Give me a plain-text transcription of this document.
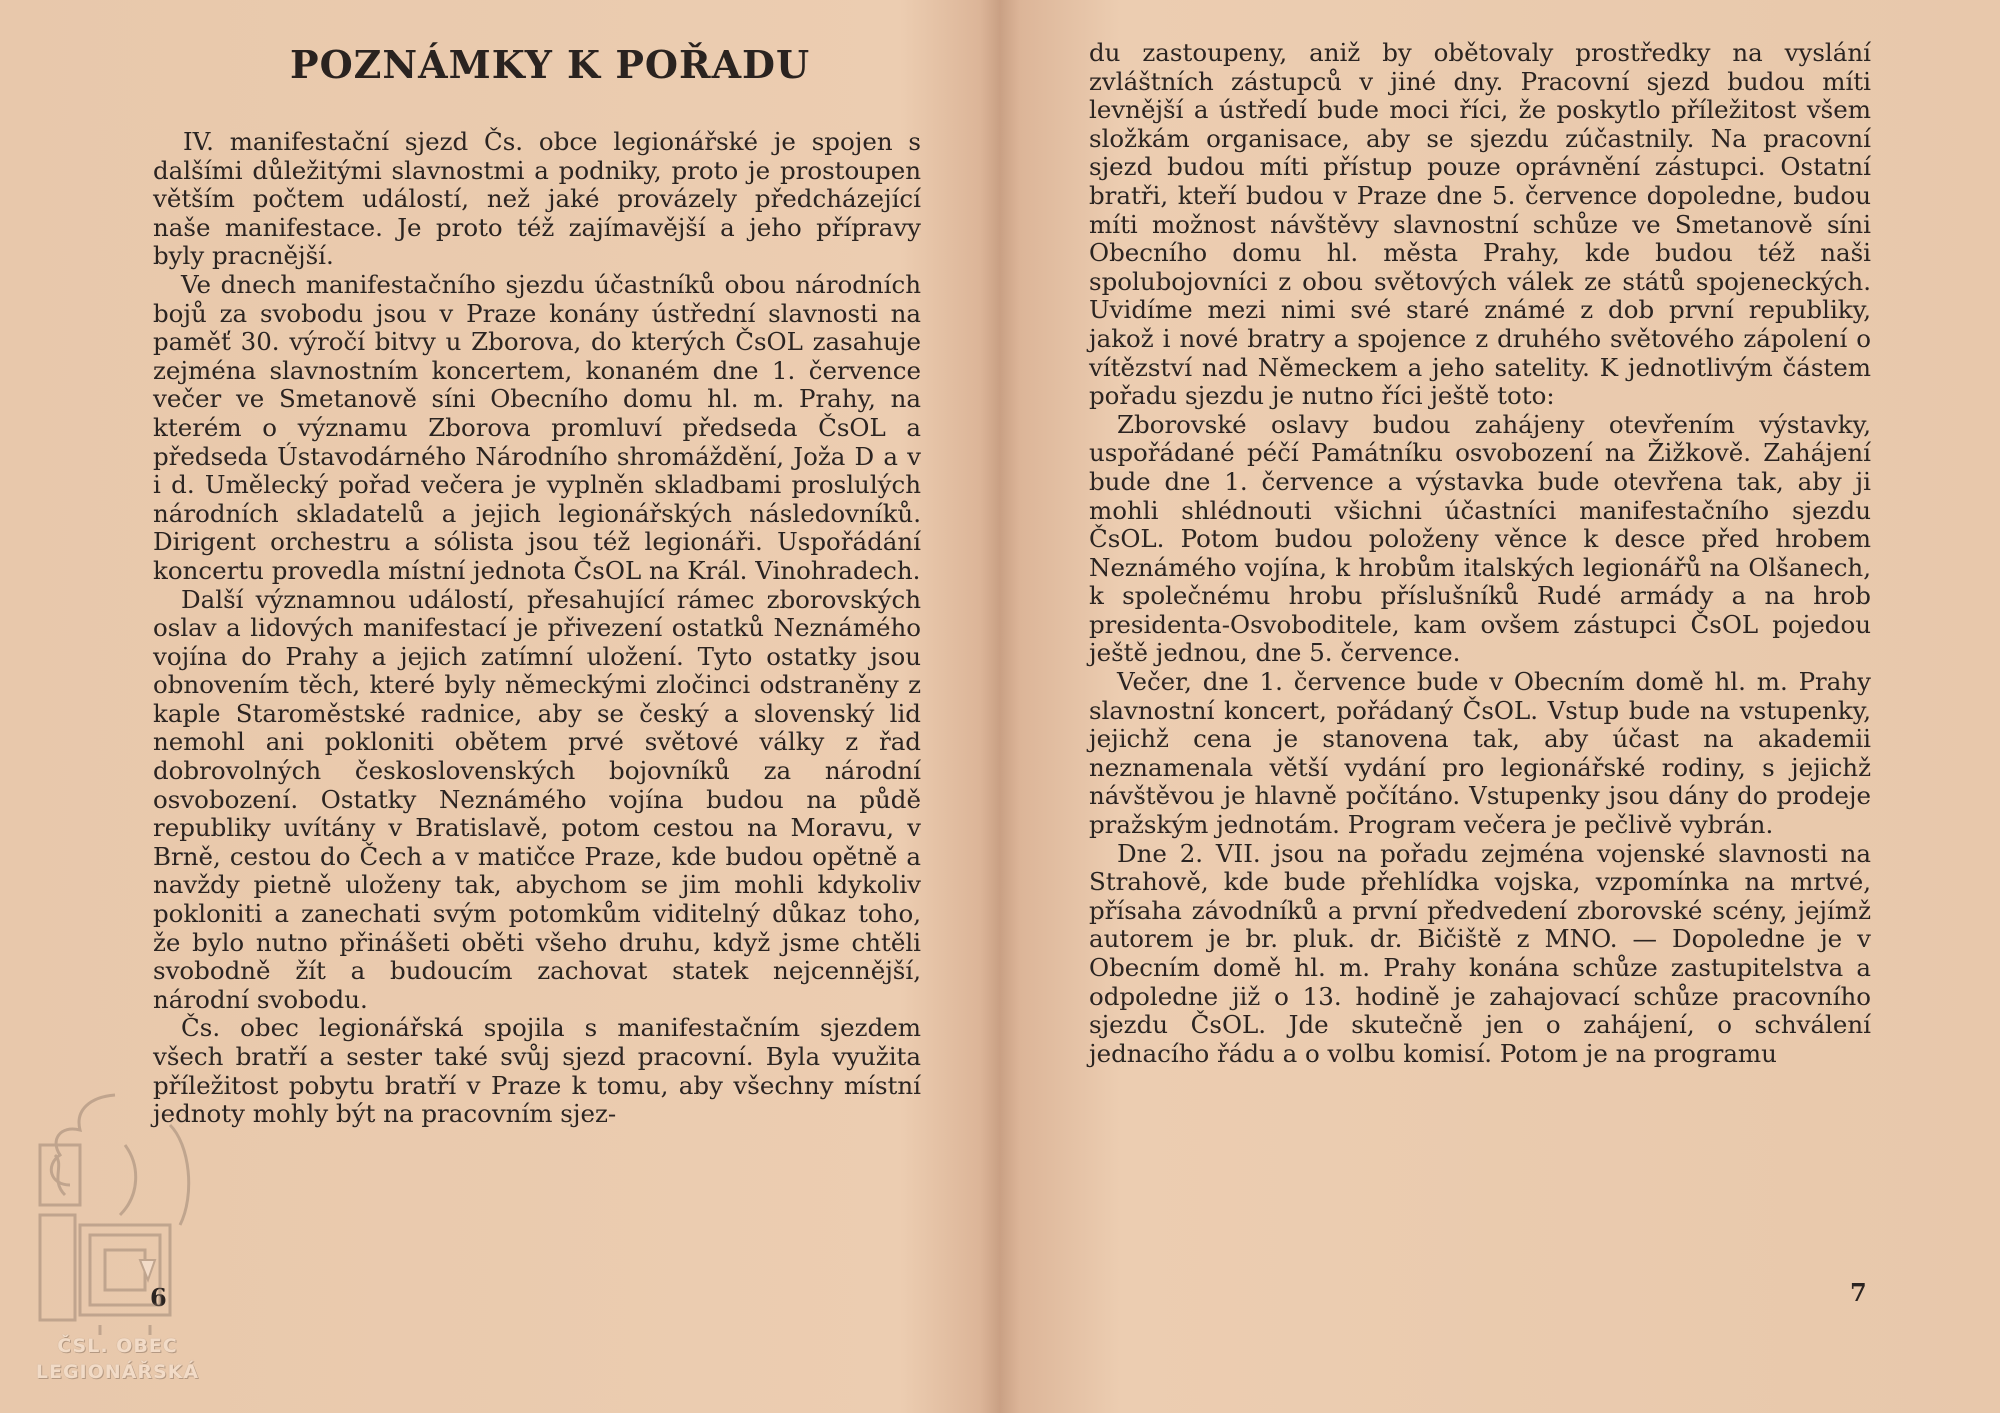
POZNÁMKY K POŘADU

IV. manifestační sjezd Čs. obce legionářské je spojen s dalšími důležitými slavnostmi a podniky, proto je prostoupen větším počtem událostí, než jaké provázely předcházející naše manifestace. Je proto též zajímavější a jeho přípravy byly pracnější.

Ve dnech manifestačního sjezdu účastníků obou národních bojů za svobodu jsou v Praze konány ústřední slavnosti na paměť 30. výročí bitvy u Zborova, do kterých ČsOL zasahuje zejména slavnostním koncertem, konaném dne 1. července večer ve Smetanově síni Obecního domu hl. m. Prahy, na kterém o významu Zborova promluví předseda ČsOL a předseda Ústavodárného Národního shromáždění, Joža D a v i d. Umělecký pořad večera je vyplněn skladbami proslulých národních skladatelů a jejich legionářských následovníků. Dirigent orchestru a sólista jsou též legionáři. Uspořádání koncertu provedla místní jednota ČsOL na Král. Vinohradech.

Další významnou událostí, přesahující rámec zborovských oslav a lidových manifestací je přivezení ostatků Neznámého vojína do Prahy a jejich zatímní uložení. Tyto ostatky jsou obnovením těch, které byly německými zločinci odstraněny z kaple Staroměstské radnice, aby se český a slovenský lid nemohl ani pokloniti obětem prvé světové války z řad dobrovolných československých bojovníků za národní osvobození. Ostatky Neznámého vojína budou na půdě republiky uvítány v Bratislavě, potom cestou na Moravu, v Brně, cestou do Čech a v matičce Praze, kde budou opětně a navždy pietně uloženy tak, abychom se jim mohli kdykoliv pokloniti a zanechati svým potomkům viditelný důkaz toho, že bylo nutno přinášeti oběti všeho druhu, když jsme chtěli svobodně žít a budoucím zachovat statek nejcennější, národní svobodu.

Čs. obec legionářská spojila s manifestačním sjezdem všech bratří a sester také svůj sjezd pracovní. Byla využita příležitost pobytu bratří v Praze k tomu, aby všechny místní jednoty mohly být na pracovním sjez-

6
ČSL. OBEC
LEGIONÁŘSKÁ

du zastoupeny, aniž by obětovaly prostředky na vyslání zvláštních zástupců v jiné dny. Pracovní sjezd budou míti levnější a ústředí bude moci říci, že poskytlo příležitost všem složkám organisace, aby se sjezdu zúčastnily. Na pracovní sjezd budou míti přístup pouze oprávnění zástupci. Ostatní bratři, kteří budou v Praze dne 5. července dopoledne, budou míti možnost návštěvy slavnostní schůze ve Smetanově síni Obecního domu hl. města Prahy, kde budou též naši spolubojovníci z obou světových válek ze států spojeneckých. Uvidíme mezi nimi své staré známé z dob první republiky, jakož i nové bratry a spojence z druhého světového zápolení o vítězství nad Německem a jeho satelity. K jednotlivým částem pořadu sjezdu je nutno říci ještě toto:

Zborovské oslavy budou zahájeny otevřením výstavky, uspořádané péčí Památníku osvobození na Žižkově. Zahájení bude dne 1. července a výstavka bude otevřena tak, aby ji mohli shlédnouti všichni účastníci manifestačního sjezdu ČsOL. Potom budou položeny věnce k desce před hrobem Neznámého vojína, k hrobům italských legionářů na Olšanech, k společnému hrobu příslušníků Rudé armády a na hrob presidenta-Osvoboditele, kam ovšem zástupci ČsOL pojedou ještě jednou, dne 5. července.

Večer, dne 1. července bude v Obecním domě hl. m. Prahy slavnostní koncert, pořádaný ČsOL. Vstup bude na vstupenky, jejichž cena je stanovena tak, aby účast na akademii neznamenala větší vydání pro legionářské rodiny, s jejichž návštěvou je hlavně počítáno. Vstupenky jsou dány do prodeje pražským jednotám. Program večera je pečlivě vybrán.

Dne 2. VII. jsou na pořadu zejména vojenské slavnosti na Strahově, kde bude přehlídka vojska, vzpomínka na mrtvé, přísaha závodníků a první předvedení zborovské scény, jejímž autorem je br. pluk. dr. Bičiště z MNO. — Dopoledne je v Obecním domě hl. m. Prahy konána schůze zastupitelstva a odpoledne již o 13. hodině je zahajovací schůze pracovního sjezdu ČsOL. Jde skutečně jen o zahájení, o schválení jednacího řádu a o volbu komisí. Potom je na programu

7
